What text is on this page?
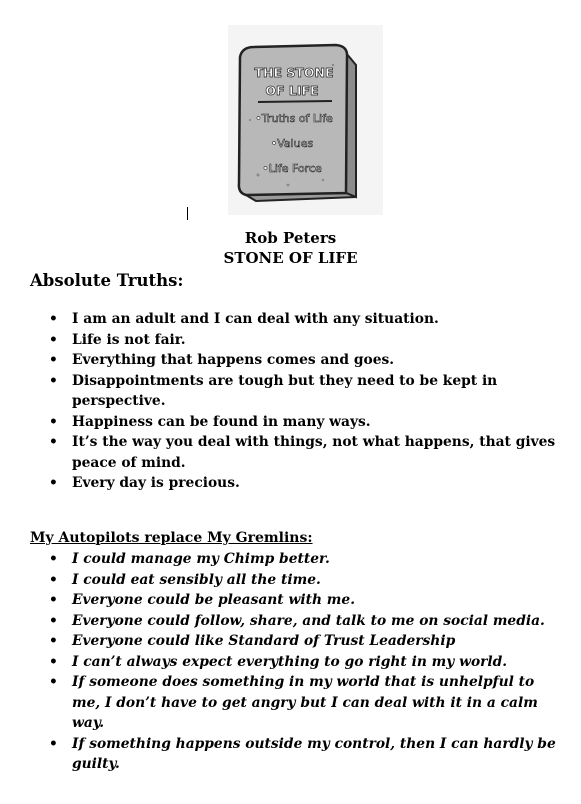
THE STONE
OF LIFE
•Truths of Life
•Values
•Life Force
Rob Peters
STONE OF LIFE
Absolute Truths:
• I am an adult and I can deal with any situation.
• Life is not fair.
• Everything that happens comes and goes.
• Disappointments are tough but they need to be kept in perspective.
• Happiness can be found in many ways.
• It’s the way you deal with things, not what happens, that gives peace of mind.
• Every day is precious.
My Autopilots replace My Gremlins:
• I could manage my Chimp better.
• I could eat sensibly all the time.
• Everyone could be pleasant with me.
• Everyone could follow, share, and talk to me on social media.
• Everyone could like Standard of Trust Leadership
• I can’t always expect everything to go right in my world.
• If someone does something in my world that is unhelpful to me, I don’t have to get angry but I can deal with it in a calm way.
• If something happens outside my control, then I can hardly be guilty.
